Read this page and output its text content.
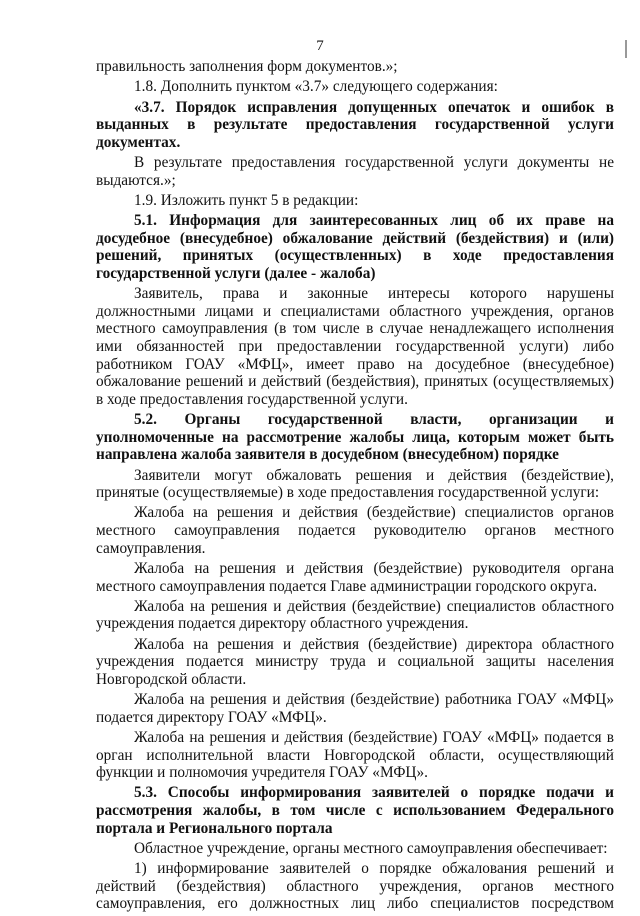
7

правильность заполнения форм документов.»;

1.8. Дополнить пунктом «3.7» следующего содержания:

«3.7. Порядок исправления допущенных опечаток и ошибок в выданных в результате предоставления государственной услуги документах.

В результате предоставления государственной услуги документы не выдаются.»;

1.9. Изложить пункт 5 в редакции:

5.1. Информация для заинтересованных лиц об их праве на досудебное (внесудебное) обжалование действий (бездействия) и (или) решений, принятых (осуществленных) в ходе предоставления государственной услуги (далее - жалоба)

Заявитель, права и законные интересы которого нарушены должностными лицами и специалистами областного учреждения, органов местного самоуправления (в том числе в случае ненадлежащего исполнения ими обязанностей при предоставлении государственной услуги) либо работником ГОАУ «МФЦ», имеет право на досудебное (внесудебное) обжалование решений и действий (бездействия), принятых (осуществляемых) в ходе предоставления государственной услуги.

5.2. Органы государственной власти, организации и уполномоченные на рассмотрение жалобы лица, которым может быть направлена жалоба заявителя в досудебном (внесудебном) порядке

Заявители могут обжаловать решения и действия (бездействие), принятые (осуществляемые) в ходе предоставления государственной услуги:

Жалоба на решения и действия (бездействие) специалистов органов местного самоуправления подается руководителю органов местного самоуправления.

Жалоба на решения и действия (бездействие) руководителя органа местного самоуправления подается Главе администрации городского округа.

Жалоба на решения и действия (бездействие) специалистов областного учреждения подается директору областного учреждения.

Жалоба на решения и действия (бездействие) директора областного учреждения подается министру труда и социальной защиты населения Новгородской области.

Жалоба на решения и действия (бездействие) работника ГОАУ «МФЦ» подается директору ГОАУ «МФЦ».

Жалоба на решения и действия (бездействие) ГОАУ «МФЦ» подается в орган исполнительной власти Новгородской области, осуществляющий функции и полномочия учредителя ГОАУ «МФЦ».

5.3. Способы информирования заявителей о порядке подачи и рассмотрения жалобы, в том числе с использованием Федерального портала и Регионального портала

Областное учреждение, органы местного самоуправления обеспечивает:

1) информирование заявителей о порядке обжалования решений и действий (бездействия) областного учреждения, органов местного самоуправления, его должностных лиц либо специалистов посредством
